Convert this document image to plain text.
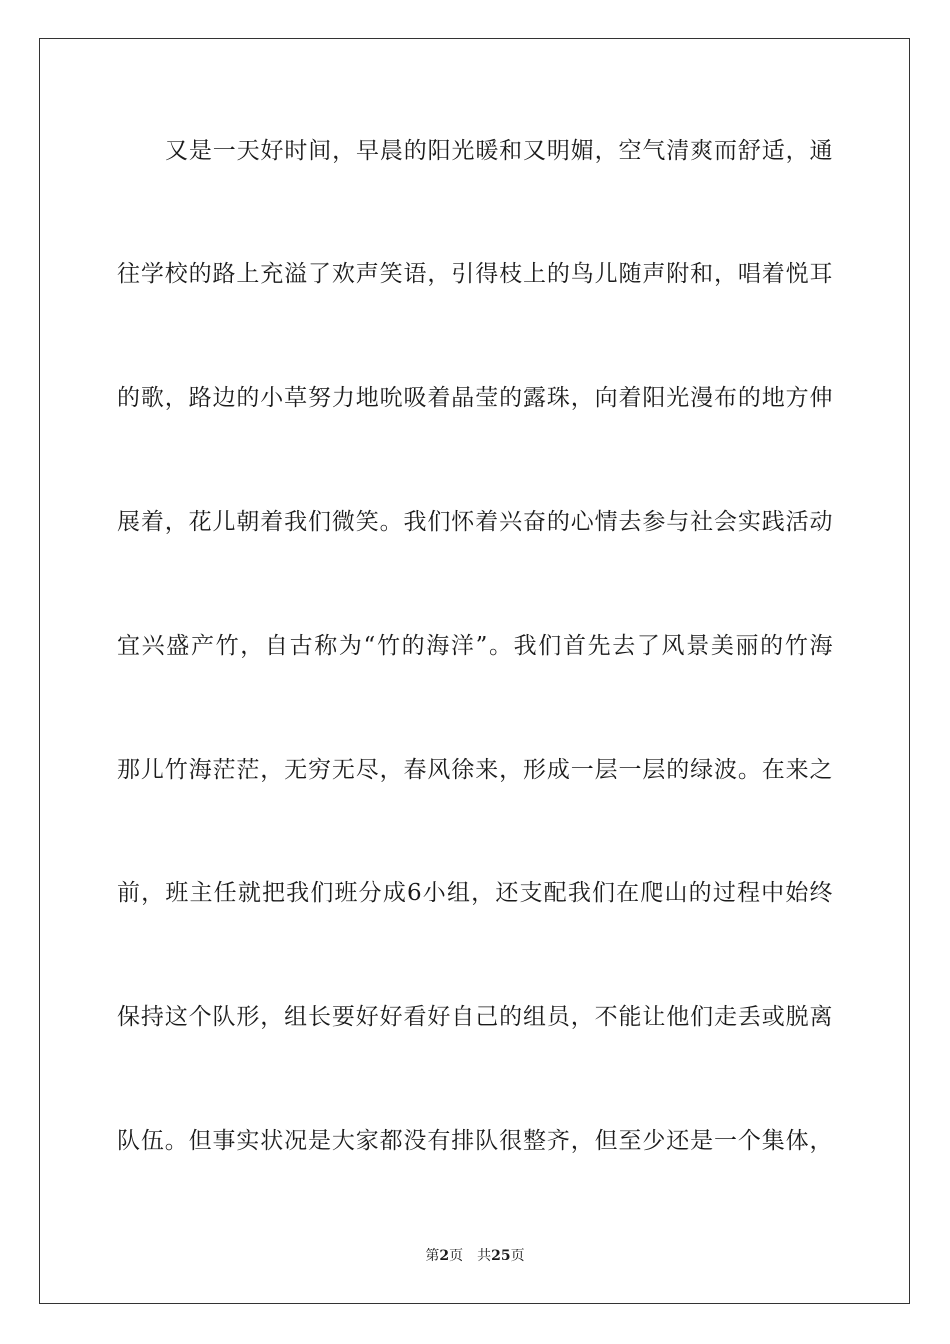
又是一天好时间，早晨的阳光暖和又明媚，空气清爽而舒适，通
往学校的路上充溢了欢声笑语，引得枝上的鸟儿随声附和，唱着悦耳
的歌，路边的小草努力地吮吸着晶莹的露珠，向着阳光漫布的地方伸
展着，花儿朝着我们微笑。我们怀着兴奋的心情去参与社会实践活动
宜兴盛产竹，自古称为“竹的海洋”。我们首先去了风景美丽的竹海
那儿竹海茫茫，无穷无尽，春风徐来，形成一层一层的绿波。在来之
前，班主任就把我们班分成6小组，还支配我们在爬山的过程中始终
保持这个队形，组长要好好看好自己的组员，不能让他们走丢或脱离
队伍。但事实状况是大家都没有排队很整齐，但至少还是一个集体，
第2页 共25页
